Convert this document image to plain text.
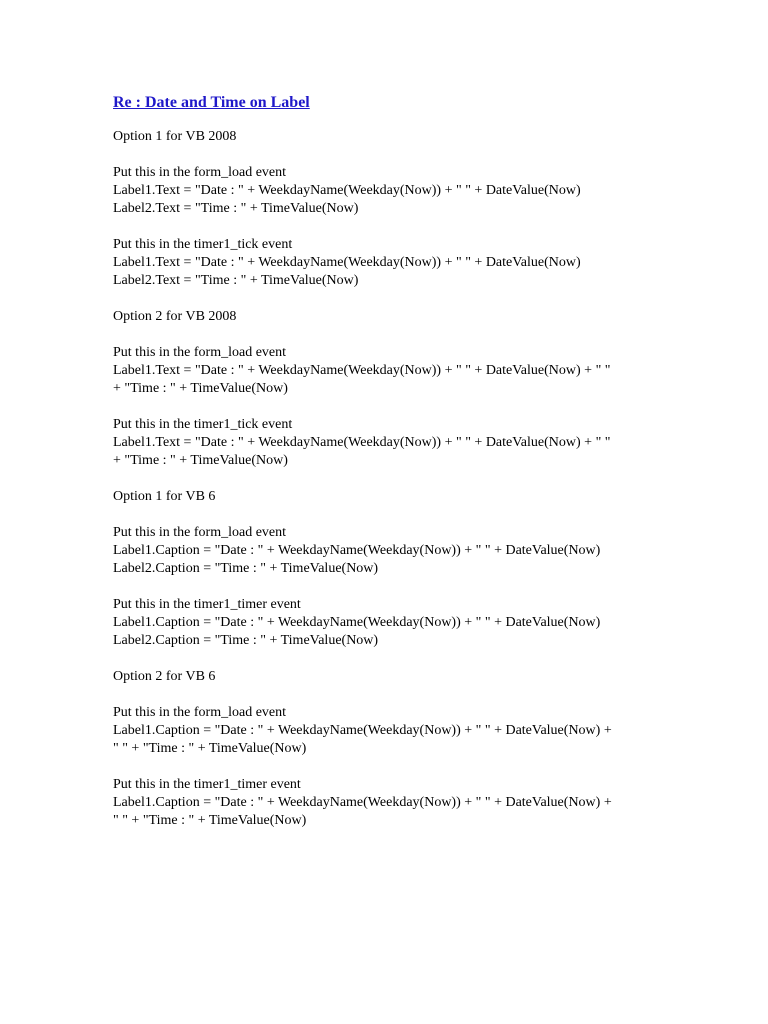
Re : Date and Time on Label
Option 1 for VB 2008
Put this in the form_load event
Label1.Text = "Date : " + WeekdayName(Weekday(Now)) + " " + DateValue(Now)
Label2.Text = "Time : " + TimeValue(Now)
Put this in the timer1_tick event
Label1.Text = "Date : " + WeekdayName(Weekday(Now)) + " " + DateValue(Now)
Label2.Text = "Time : " + TimeValue(Now)
Option 2 for VB 2008
Put this in the form_load event
Label1.Text = "Date : " + WeekdayName(Weekday(Now)) + " " + DateValue(Now) + " "
+ "Time : " + TimeValue(Now)
Put this in the timer1_tick event
Label1.Text = "Date : " + WeekdayName(Weekday(Now)) + " " + DateValue(Now) + " "
+ "Time : " + TimeValue(Now)
Option 1 for VB 6
Put this in the form_load event
Label1.Caption = "Date : " + WeekdayName(Weekday(Now)) + " " + DateValue(Now)
Label2.Caption = "Time : " + TimeValue(Now)
Put this in the timer1_timer event
Label1.Caption = "Date : " + WeekdayName(Weekday(Now)) + " " + DateValue(Now)
Label2.Caption = "Time : " + TimeValue(Now)
Option 2 for VB 6
Put this in the form_load event
Label1.Caption = "Date : " + WeekdayName(Weekday(Now)) + " " + DateValue(Now) +
" " + "Time : " + TimeValue(Now)
Put this in the timer1_timer event
Label1.Caption = "Date : " + WeekdayName(Weekday(Now)) + " " + DateValue(Now) +
" " + "Time : " + TimeValue(Now)
